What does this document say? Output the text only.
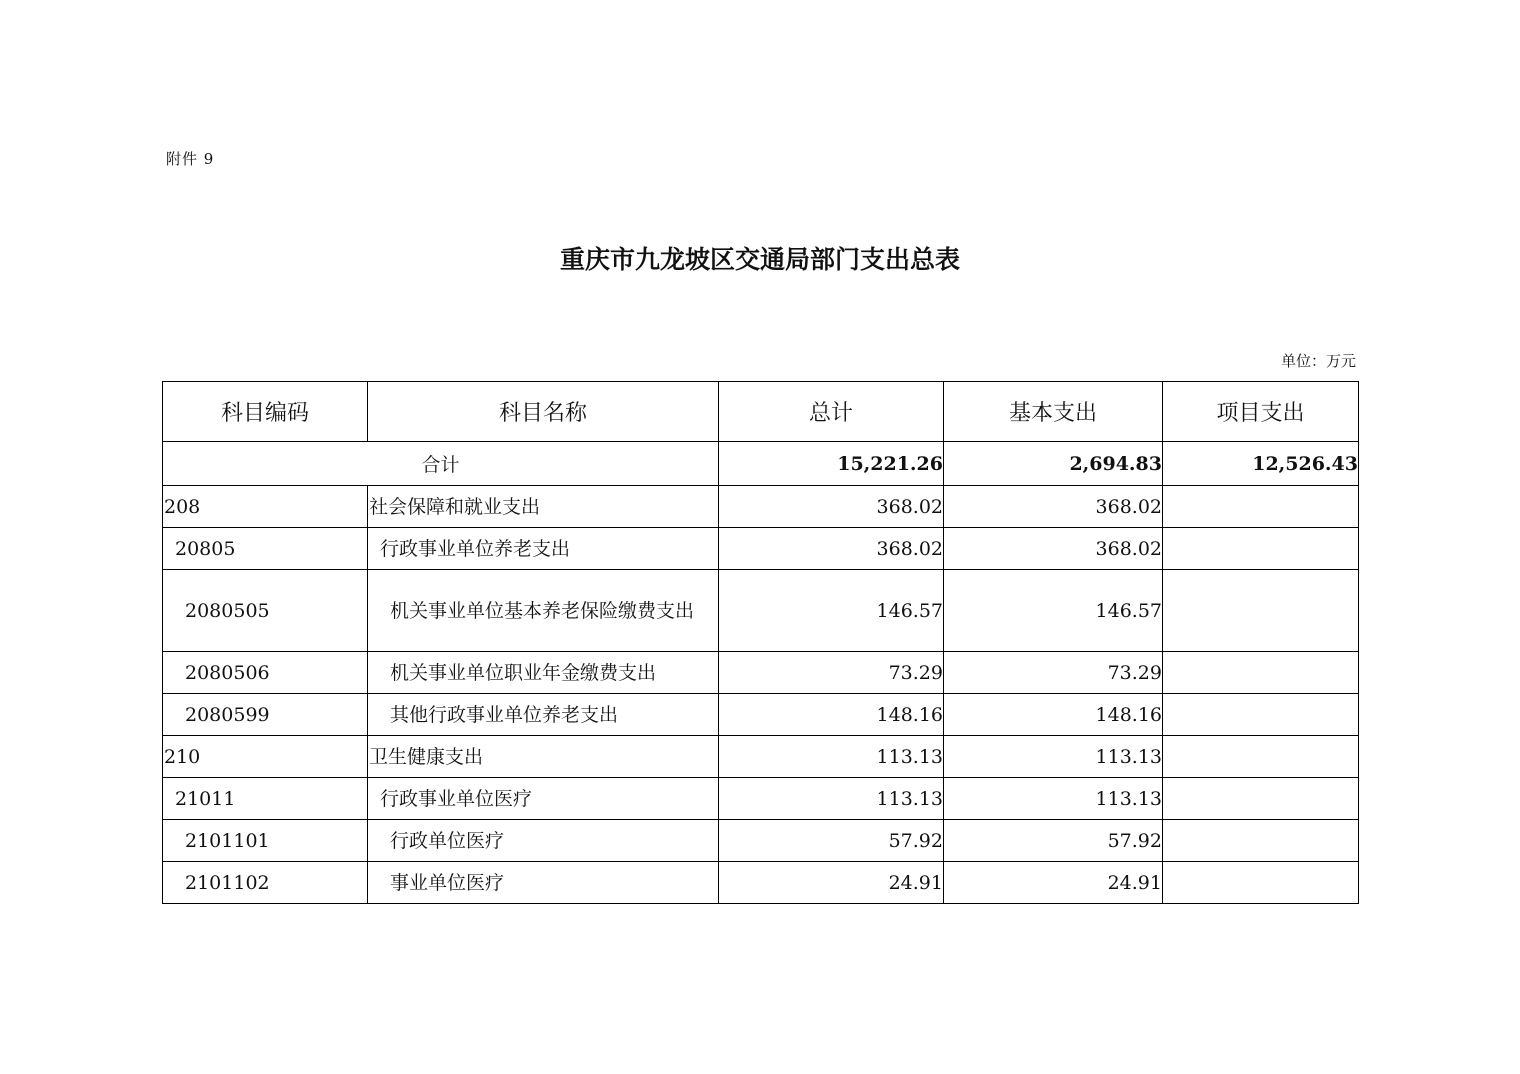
附件 9
重庆市九龙坡区交通局部门支出总表
单位：万元
科目编码	科目名称	总计	基本支出	项目支出
合计		15,221.26	2,694.83	12,526.43
208	社会保障和就业支出	368.02	368.02	
20805	行政事业单位养老支出	368.02	368.02	
2080505	机关事业单位基本养老保险缴费支出	146.57	146.57	
2080506	机关事业单位职业年金缴费支出	73.29	73.29	
2080599	其他行政事业单位养老支出	148.16	148.16	
210	卫生健康支出	113.13	113.13	
21011	行政事业单位医疗	113.13	113.13	
2101101	行政单位医疗	57.92	57.92	
2101102	事业单位医疗	24.91	24.91	
